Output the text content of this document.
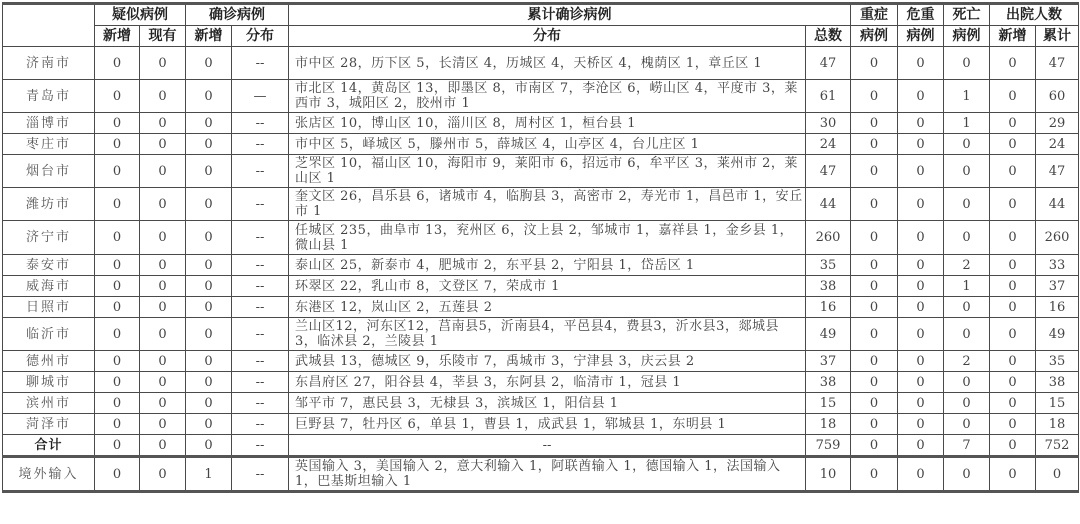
	疑似病例		确诊病例		累计确诊病例		重症	危重	死亡	出院人数	
	新增	现有	新增	分布	分布	总数	病例	病例	病例	新增	累计
济南市	0	0	0	--	市中区 28，历下区 5，长清区 4，历城区 4，天桥区 4，槐荫区 1，章丘区 1	47	0	0	0	0	47
青岛市	0	0	0	—	市北区 14，黄岛区 13，即墨区 8，市南区 7，李沧区 6，崂山区 4，平度市 3，莱西市 3，城阳区 2，胶州市 1	61	0	0	1	0	60
淄博市	0	0	0	--	张店区 10，博山区 10，淄川区 8，周村区 1，桓台县 1	30	0	0	1	0	29
枣庄市	0	0	0	--	市中区 5，峄城区 5，滕州市 5，薛城区 4，山亭区 4，台儿庄区 1	24	0	0	0	0	24
烟台市	0	0	0	--	芝罘区 10，福山区 10，海阳市 9，莱阳市 6，招远市 6，牟平区 3，莱州市 2，莱山区 1	47	0	0	0	0	47
潍坊市	0	0	0	--	奎文区 26，昌乐县 6，诸城市 4，临朐县 3，高密市 2，寿光市 1，昌邑市 1，安丘市 1	44	0	0	0	0	44
济宁市	0	0	0	--	任城区 235，曲阜市 13，兖州区 6，汶上县 2，邹城市 1，嘉祥县 1，金乡县 1，微山县 1	260	0	0	0	0	260
泰安市	0	0	0	--	泰山区 25，新泰市 4，肥城市 2，东平县 2，宁阳县 1，岱岳区 1	35	0	0	2	0	33
威海市	0	0	0	--	环翠区 22，乳山市 8，文登区 7，荣成市 1	38	0	0	1	0	37
日照市	0	0	0	--	东港区 12，岚山区 2，五莲县 2	16	0	0	0	0	16
临沂市	0	0	0	--	兰山区12，河东区12，莒南县5，沂南县4，平邑县4，费县3，沂水县3，郯城县 3，临沭县 2，兰陵县 1	49	0	0	0	0	49
德州市	0	0	0	--	武城县 13，德城区 9，乐陵市 7，禹城市 3，宁津县 3，庆云县 2	37	0	0	2	0	35
聊城市	0	0	0	--	东昌府区 27，阳谷县 4，莘县 3，东阿县 2，临清市 1，冠县 1	38	0	0	0	0	38
滨州市	0	0	0	--	邹平市 7，惠民县 3，无棣县 3，滨城区 1，阳信县 1	15	0	0	0	0	15
菏泽市	0	0	0	--	巨野县 7，牡丹区 6，单县 1，曹县 1，成武县 1，郓城县 1，东明县 1	18	0	0	0	0	18
合计	0	0	0	--	--	759	0	0	7	0	752
境外输入	0	0	1	--	英国输入 3，美国输入 2，意大利输入 1，阿联酋输入 1，德国输入 1，法国输入 1，巴基斯坦输入 1	10	0	0	0	0	0
